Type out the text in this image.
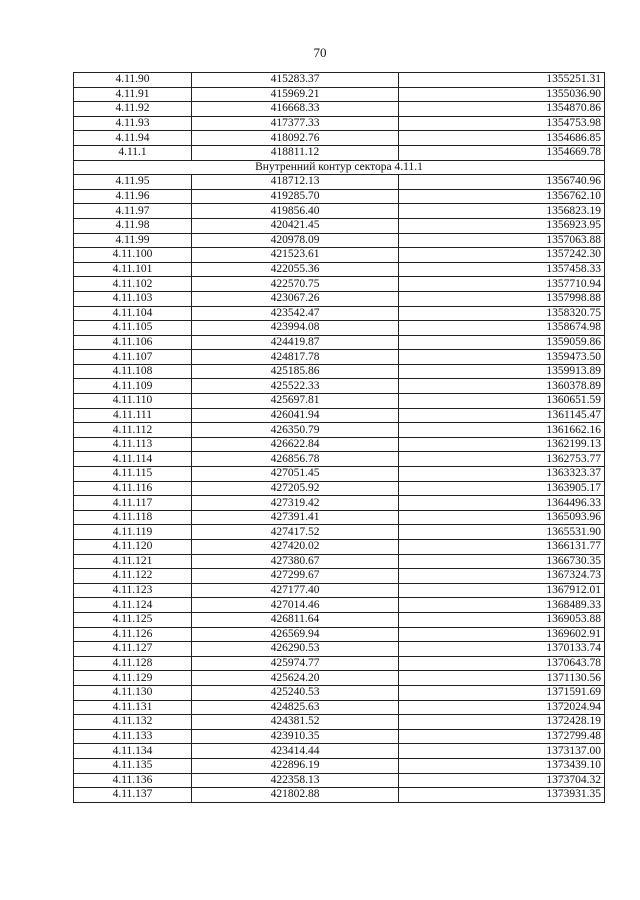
70
4.11.90	415283.37	1355251.31
4.11.91	415969.21	1355036.90
4.11.92	416668.33	1354870.86
4.11.93	417377.33	1354753.98
4.11.94	418092.76	1354686.85
4.11.1	418811.12	1354669.78
Внутренний контур сектора 4.11.1		
4.11.95	418712.13	1356740.96
4.11.96	419285.70	1356762.10
4.11.97	419856.40	1356823.19
4.11.98	420421.45	1356923.95
4.11.99	420978.09	1357063.88
4.11.100	421523.61	1357242.30
4.11.101	422055.36	1357458.33
4.11.102	422570.75	1357710.94
4.11.103	423067.26	1357998.88
4.11.104	423542.47	1358320.75
4.11.105	423994.08	1358674.98
4.11.106	424419.87	1359059.86
4.11.107	424817.78	1359473.50
4.11.108	425185.86	1359913.89
4.11.109	425522.33	1360378.89
4.11.110	425697.81	1360651.59
4.11.111	426041.94	1361145.47
4.11.112	426350.79	1361662.16
4.11.113	426622.84	1362199.13
4.11.114	426856.78	1362753.77
4.11.115	427051.45	1363323.37
4.11.116	427205.92	1363905.17
4.11.117	427319.42	1364496.33
4.11.118	427391.41	1365093.96
4.11.119	427417.52	1365531.90
4.11.120	427420.02	1366131.77
4.11.121	427380.67	1366730.35
4.11.122	427299.67	1367324.73
4.11.123	427177.40	1367912.01
4.11.124	427014.46	1368489.33
4.11.125	426811.64	1369053.88
4.11.126	426569.94	1369602.91
4.11.127	426290.53	1370133.74
4.11.128	425974.77	1370643.78
4.11.129	425624.20	1371130.56
4.11.130	425240.53	1371591.69
4.11.131	424825.63	1372024.94
4.11.132	424381.52	1372428.19
4.11.133	423910.35	1372799.48
4.11.134	423414.44	1373137.00
4.11.135	422896.19	1373439.10
4.11.136	422358.13	1373704.32
4.11.137	421802.88	1373931.35
